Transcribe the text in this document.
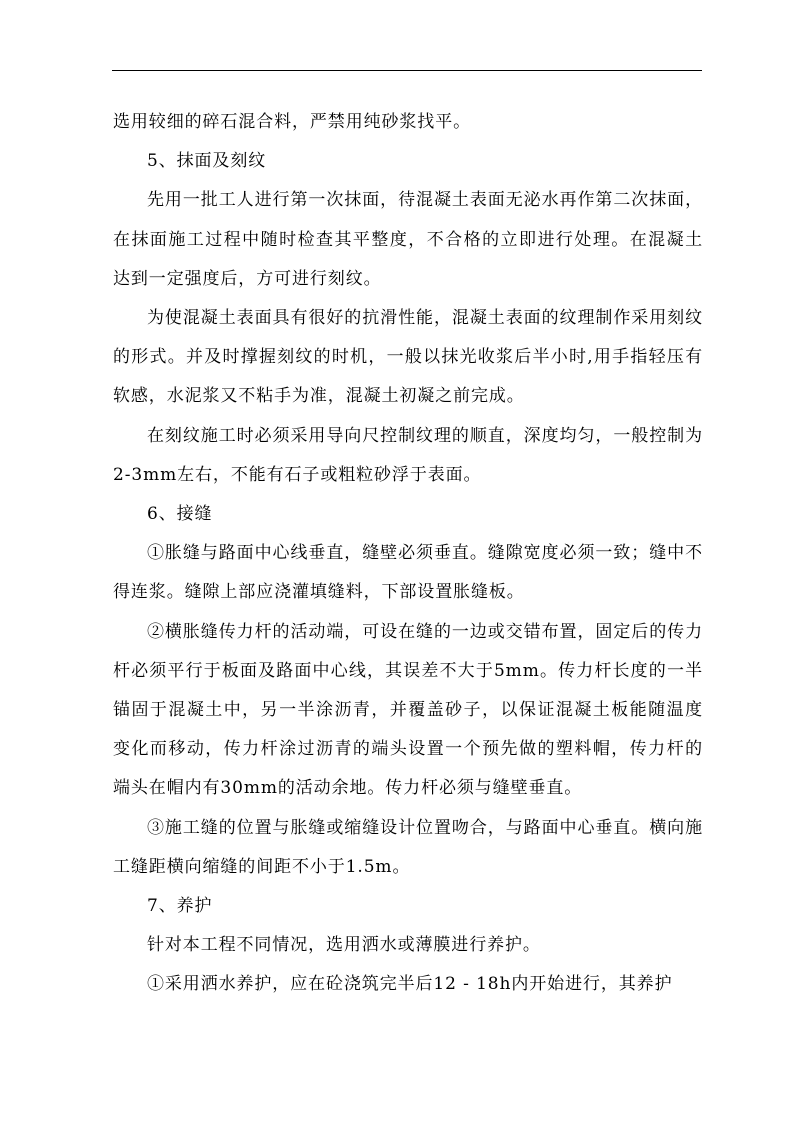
选用较细的碎石混合料，严禁用纯砂浆找平。

5、抹面及刻纹

先用一批工人进行第一次抹面，待混凝土表面无泌水再作第二次抹面，在抹面施工过程中随时检查其平整度，不合格的立即进行处理。在混凝土达到一定强度后，方可进行刻纹。

为使混凝土表面具有很好的抗滑性能，混凝土表面的纹理制作采用刻纹的形式。并及时撑握刻纹的时机，一般以抹光收浆后半小时,用手指轻压有软感，水泥浆又不粘手为准，混凝土初凝之前完成。

在刻纹施工时必须采用导向尺控制纹理的顺直，深度均匀，一般控制为2-3mm左右，不能有石子或粗粒砂浮于表面。

6、接缝

①胀缝与路面中心线垂直，缝壁必须垂直。缝隙宽度必须一致；缝中不得连浆。缝隙上部应浇灌填缝料，下部设置胀缝板。

②横胀缝传力杆的活动端，可设在缝的一边或交错布置，固定后的传力杆必须平行于板面及路面中心线，其误差不大于5mm。传力杆长度的一半锚固于混凝土中，另一半涂沥青，并覆盖砂子，以保证混凝土板能随温度变化而移动，传力杆涂过沥青的端头设置一个预先做的塑料帽，传力杆的端头在帽内有30mm的活动余地。传力杆必须与缝壁垂直。

③施工缝的位置与胀缝或缩缝设计位置吻合，与路面中心垂直。横向施工缝距横向缩缝的间距不小于1.5m。

7、养护

针对本工程不同情况，选用洒水或薄膜进行养护。

①采用洒水养护，应在砼浇筑完半后12 - 18h内开始进行，其养护
